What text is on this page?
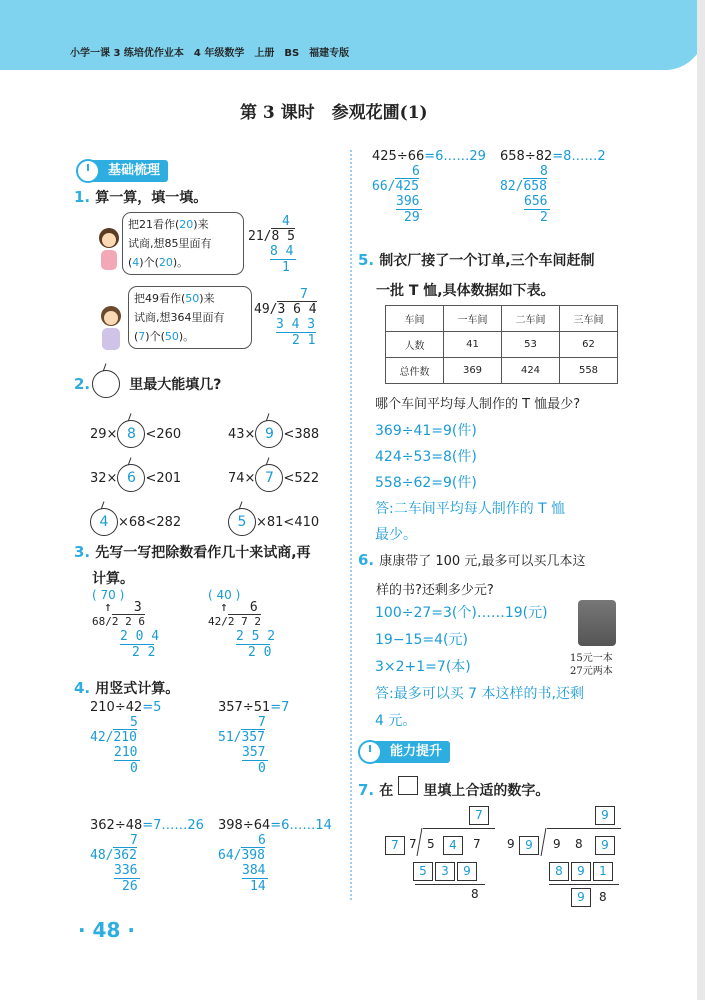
小学一课 3 练培优作业本　4 年级数学　上册　BS　福建专版
第 3 课时　参观花圃(1)
基础梳理
1. 算一算，填一填。
把21看作(20)来
试商,想85里面有
(4)个(20)。
4
21/8 5
8 4
1
把49看作(50)来
试商,想364里面有
(7)个(50)。
7
49/3 6 4
3 4 3
2 1
2.	里最大能填几?
29× 8 <260	43× 9 <388
32× 6 <201	74× 7 <522
4 ×68<282	5 ×81<410
3. 先写一写把除数看作几十来试商,再
计算。
( 70 )
↑ 3
68/2 2 6
2 0 4
2 2
( 40 )
↑ 6
42/2 7 2
2 5 2
2 0
4. 用竖式计算。
210÷42=5
5
42/210
210
0
357÷51=7
7
51/357
357
0
362÷48=7……26
7
48/362
336
26
398÷64=6……14
6
64/398
384
14
· 48 ·
425÷66=6……29
6
66/425
396
29
658÷82=8……2
8
82/658
656
2
5. 制衣厂接了一个订单,三个车间赶制
一批 T 恤,具体数据如下表。
车间	一车间	二车间	三车间
人数	41	53	62
总件数	369	424	558
哪个车间平均每人制作的 T 恤最少?
369÷41=9(件)
424÷53=8(件)
558÷62=9(件)
答:二车间平均每人制作的 T 恤
最少。
6. 康康带了 100 元,最多可以买几本这
样的书?还剩多少元?
100÷27=3(个)……19(元)
19−15=4(元)
3×2+1=7(本)
答:最多可以买 7 本这样的书,还剩
4 元。
15元一本
27元两本
能力提升
7. 在 里填上合适的数字。
7
7 7 5	4	7
5	3	9
8
9
9 9	9 8	9
8	9	1
9	8
